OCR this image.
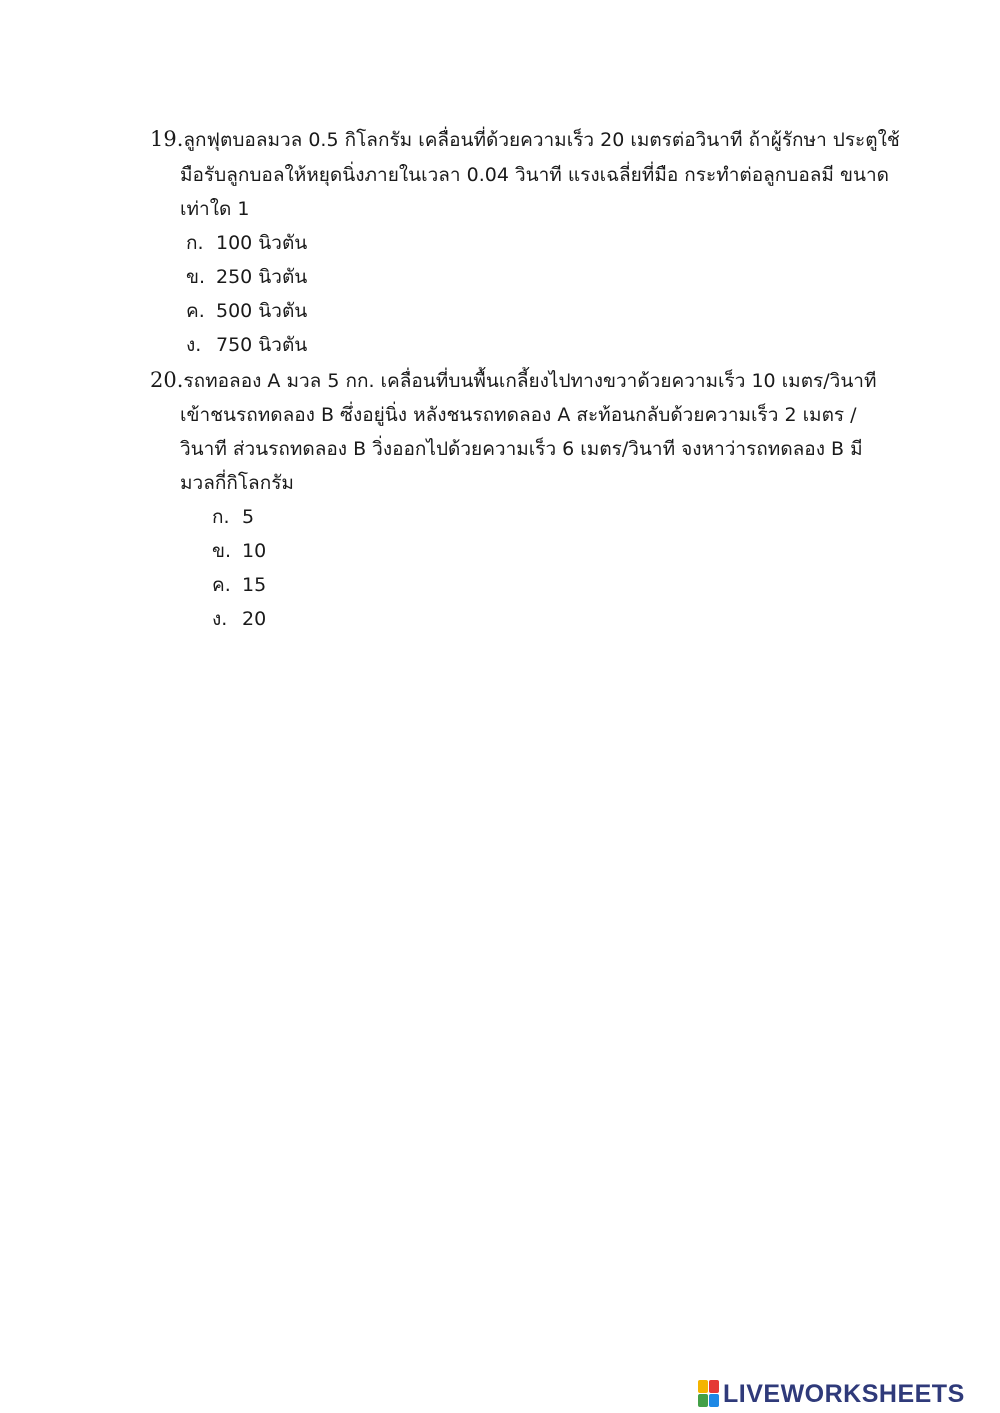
19.ลูกฟุตบอลมวล 0.5 กิโลกรัม เคลื่อนที่ด้วยความเร็ว 20 เมตรต่อวินาที ถ้าผู้รักษา ประตูใช้
มือรับลูกบอลให้หยุดนิ่งภายในเวลา 0.04 วินาที แรงเฉลี่ยที่มือ กระทำต่อลูกบอลมี ขนาด
เท่าใด 1
ก. 100 นิวตัน
ข. 250 นิวตัน
ค. 500 นิวตัน
ง. 750 นิวตัน
20.รถทอลอง A มวล 5 กก. เคลื่อนที่บนพื้นเกลี้ยงไปทางขวาด้วยความเร็ว 10 เมตร/วินาที
เข้าชนรถทดลอง B ซึ่งอยู่นิ่ง หลังชนรถทดลอง A สะท้อนกลับด้วยความเร็ว 2 เมตร /
วินาที ส่วนรถทดลอง B วิ่งออกไปด้วยความเร็ว 6 เมตร/วินาที จงหาว่ารถทดลอง B มี
มวลกี่กิโลกรัม
ก. 5
ข. 10
ค. 15
ง. 20
LIVEWORKSHEETS
